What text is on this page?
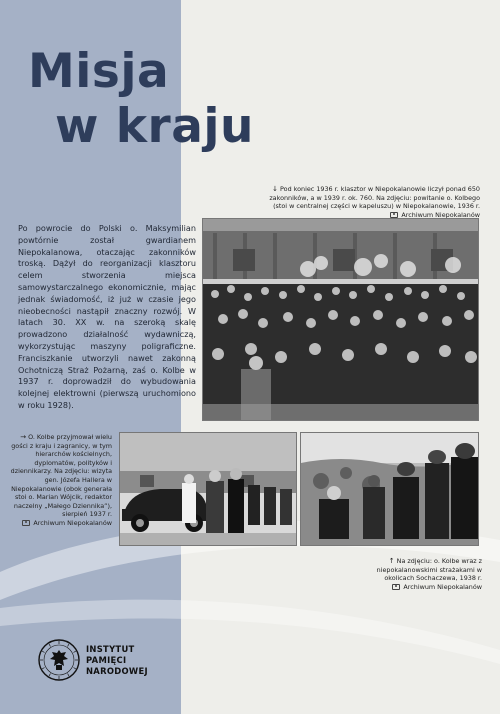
Misja
w kraju
↓ Pod koniec 1936 r. klasztor w Niepokalanowie liczył ponad 650 zakonników, a w 1939 r. ok. 760. Na zdjęciu: powitanie o. Kolbego (stoi w centralnej części w kapeluszu) w Niepokalanowie, 1936 r.
Archiwum Niepokalanów

Po powrocie do Polski o. Maksymilian powtórnie został gwardianem Niepokalanowa, otaczając zakonników troską. Dążył do reorganizacji klasztoru celem stworzenia miejsca samowystarczalnego ekonomicznie, mając jednak świadomość, iż już w czasie jego nieobecności nastąpił znaczny rozwój. W latach 30. XX w. na szeroką skalę prowadzono działalność wydawniczą, wykorzystując maszyny poligraficzne. Franciszkanie utworzyli nawet zakonną Ochotniczą Straż Pożarną, zaś o. Kolbe w 1937 r. doprowadził do wybudowania kolejnej elektrowni (pierwszą uruchomiono w roku 1928).

→ O. Kolbe przyjmował wielu gości z kraju i zagranicy, w tym hierarchów kościelnych, dyplomatów, polityków i dziennikarzy. Na zdjęciu: wizyta gen. Józefa Hallera w Niepokalanowie (obok generała stoi o. Marian Wójcik, redaktor naczelny „Małego Dziennika”), sierpień 1937 r.
Archiwum Niepokalanów
↑ Na zdjęciu: o. Kolbe wraz z niepokalanowskimi strażakami w okolicach Sochaczewa, 1938 r.
Archiwum Niepokalanów
INSTYTUT
PAMIĘCI
NARODOWEJ
